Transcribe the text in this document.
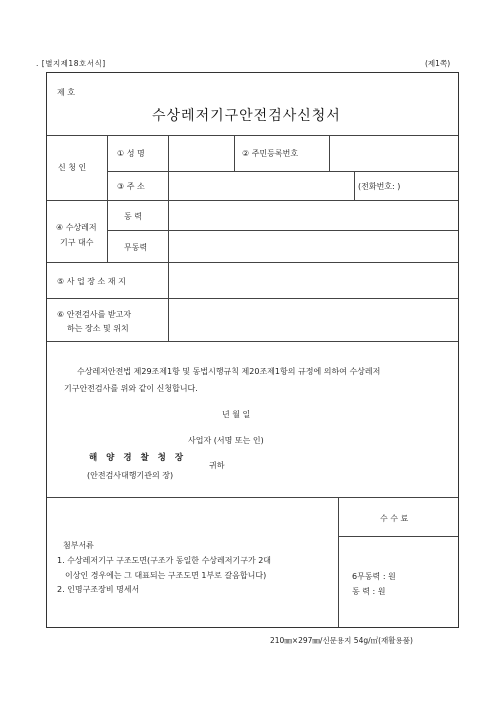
. [별지제18호서식]	(제1쪽)
제 호
수상레저기구안전검사신청서
신 청 인
① 성 명	② 주민등록번호
③ 주 소	(전화번호: )
④ 수상레저
기구 대수
동 력
무동력
⑤ 사 업 장 소 재 지
⑥ 안전검사를 받고자
하는 장소 및 위치
수상레저안전법 제29조제1항 및 동법시행규칙 제20조제1항의 규정에 의하여 수상레저
기구안전검사를 위와 같이 신청합니다.
년 월 일
사업자 (서명 또는 인)
해 양 경 찰 청 장
(안전검사대행기관의 장)
귀하
첨부서류
1. 수상레저기구 구조도면(구조가 동일한 수상레저기구가 2대
이상인 경우에는 그 대표되는 구조도면 1부로 갈음합니다)
2. 인명구조장비 명세서
수 수 료
6무동력 : 원
동 력 : 원
210㎜×297㎜/신문용지 54g/㎡(재활용품)
